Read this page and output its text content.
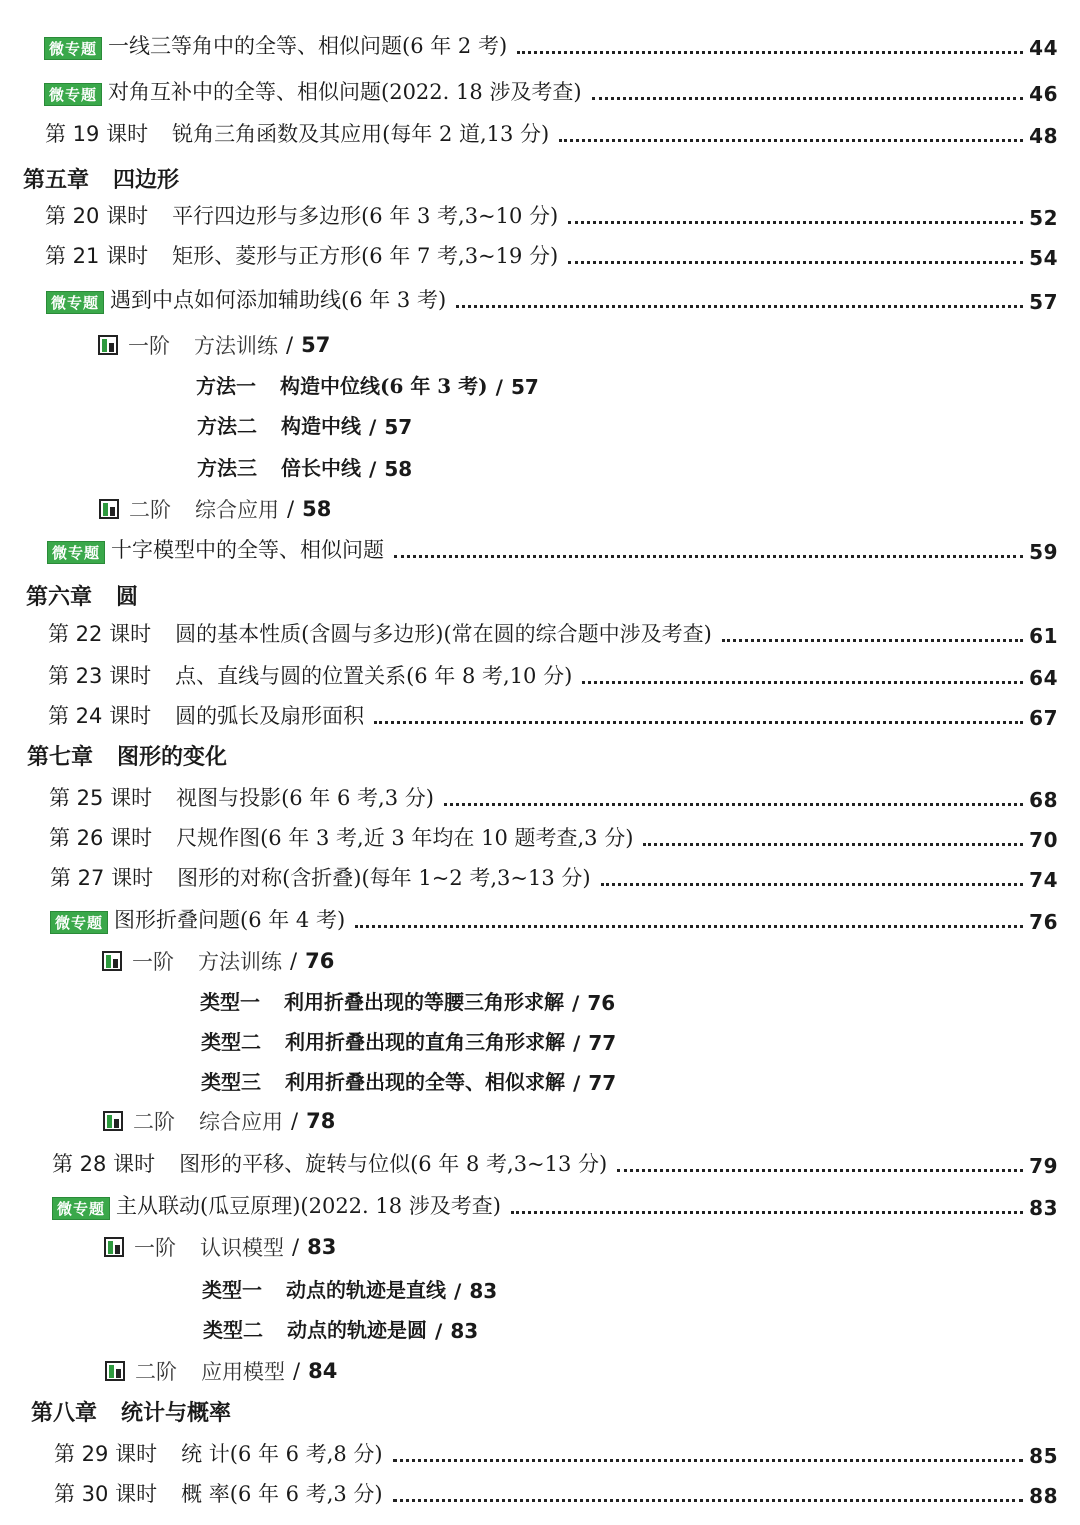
微专题 一线三等角中的全等、相似问题(6 年 2 考)	44
微专题 对角互补中的全等、相似问题(2022. 18 涉及考查)	46
第 19 课时 锐角三角函数及其应用(每年 2 道,13 分)	48
第五章 四边形
第 20 课时 平行四边形与多边形(6 年 3 考,3~10 分)	52
第 21 课时 矩形、菱形与正方形(6 年 7 考,3~19 分)	54
微专题 遇到中点如何添加辅助线(6 年 3 考)	57
一阶 方法训练 / 57
方法一 构造中位线(6 年 3 考) / 57
方法二 构造中线 / 57
方法三 倍长中线 / 58
二阶 综合应用 / 58
微专题 十字模型中的全等、相似问题	59
第六章 圆
第 22 课时 圆的基本性质(含圆与多边形)(常在圆的综合题中涉及考查)	61
第 23 课时 点、直线与圆的位置关系(6 年 8 考,10 分)	64
第 24 课时 圆的弧长及扇形面积	67
第七章 图形的变化
第 25 课时 视图与投影(6 年 6 考,3 分)	68
第 26 课时 尺规作图(6 年 3 考,近 3 年均在 10 题考查,3 分)	70
第 27 课时 图形的对称(含折叠)(每年 1~2 考,3~13 分)	74
微专题 图形折叠问题(6 年 4 考)	76
一阶 方法训练 / 76
类型一 利用折叠出现的等腰三角形求解 / 76
类型二 利用折叠出现的直角三角形求解 / 77
类型三 利用折叠出现的全等、相似求解 / 77
二阶 综合应用 / 78
第 28 课时 图形的平移、旋转与位似(6 年 8 考,3~13 分)	79
微专题 主从联动(瓜豆原理)(2022. 18 涉及考查)	83
一阶 认识模型 / 83
类型一 动点的轨迹是直线 / 83
类型二 动点的轨迹是圆 / 83
二阶 应用模型 / 84
第八章 统计与概率
第 29 课时 统 计(6 年 6 考,8 分)	85
第 30 课时 概 率(6 年 6 考,3 分)	88
